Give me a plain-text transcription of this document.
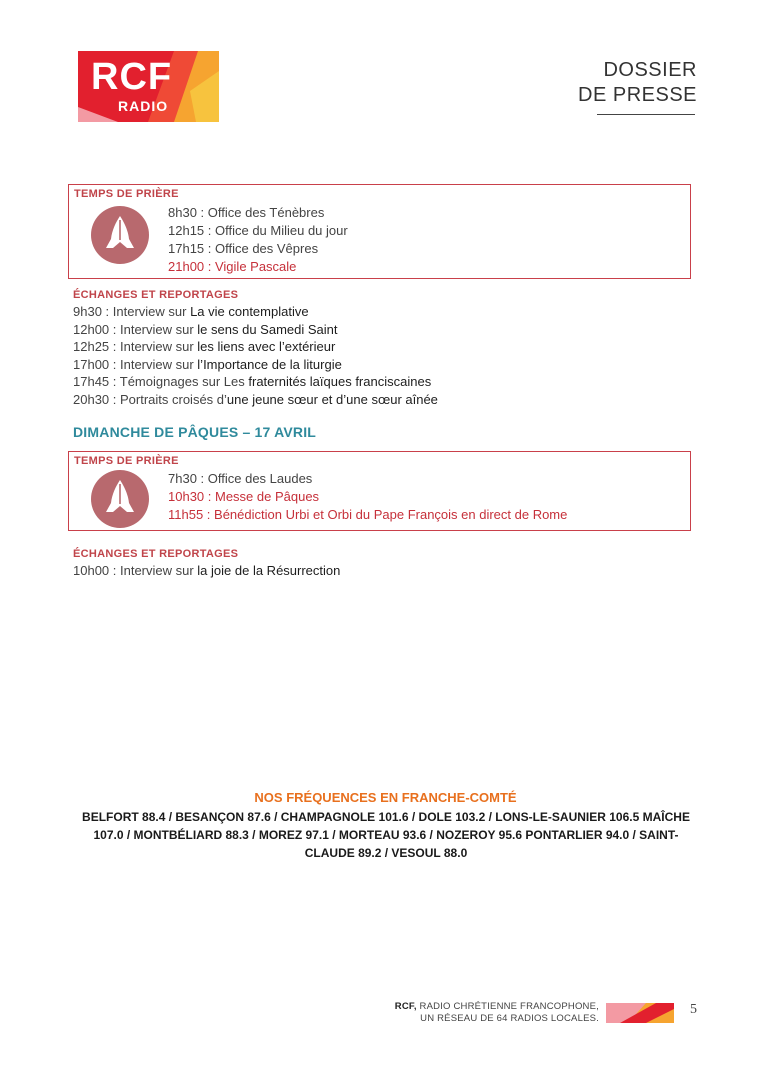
RCF
RADIO
DOSSIER
DE PRESSE
TEMPS DE PRIÈRE
8h30 : Office des Ténèbres
12h15 : Office du Milieu du jour
17h15 : Office des Vêpres
21h00 : Vigile Pascale
ÉCHANGES ET REPORTAGES
9h30 : Interview sur La vie contemplative
12h00 : Interview sur le sens du Samedi Saint
12h25 : Interview sur les liens avec l’extérieur
17h00 : Interview sur l’Importance de la liturgie
17h45 : Témoignages sur Les fraternités laïques franciscaines
20h30 : Portraits croisés d’une jeune sœur et d’une sœur aînée
DIMANCHE DE PÂQUES – 17 AVRIL
TEMPS DE PRIÈRE
7h30 : Office des Laudes
10h30 : Messe de Pâques
11h55 : Bénédiction Urbi et Orbi du Pape François en direct de Rome
ÉCHANGES ET REPORTAGES
10h00 : Interview sur la joie de la Résurrection
NOS FRÉQUENCES EN FRANCHE-COMTÉ
BELFORT 88.4 / BESANÇON 87.6 / CHAMPAGNOLE 101.6 / DOLE 103.2 / LONS-LE-SAUNIER 106.5 MAÎCHE
107.0 / MONTBÉLIARD 88.3 / MOREZ 97.1 / MORTEAU 93.6 / NOZEROY 95.6 PONTARLIER 94.0 / SAINT-
CLAUDE 89.2 / VESOUL 88.0
RCF, RADIO CHRÉTIENNE FRANCOPHONE,
UN RÉSEAU DE 64 RADIOS LOCALES.
5
